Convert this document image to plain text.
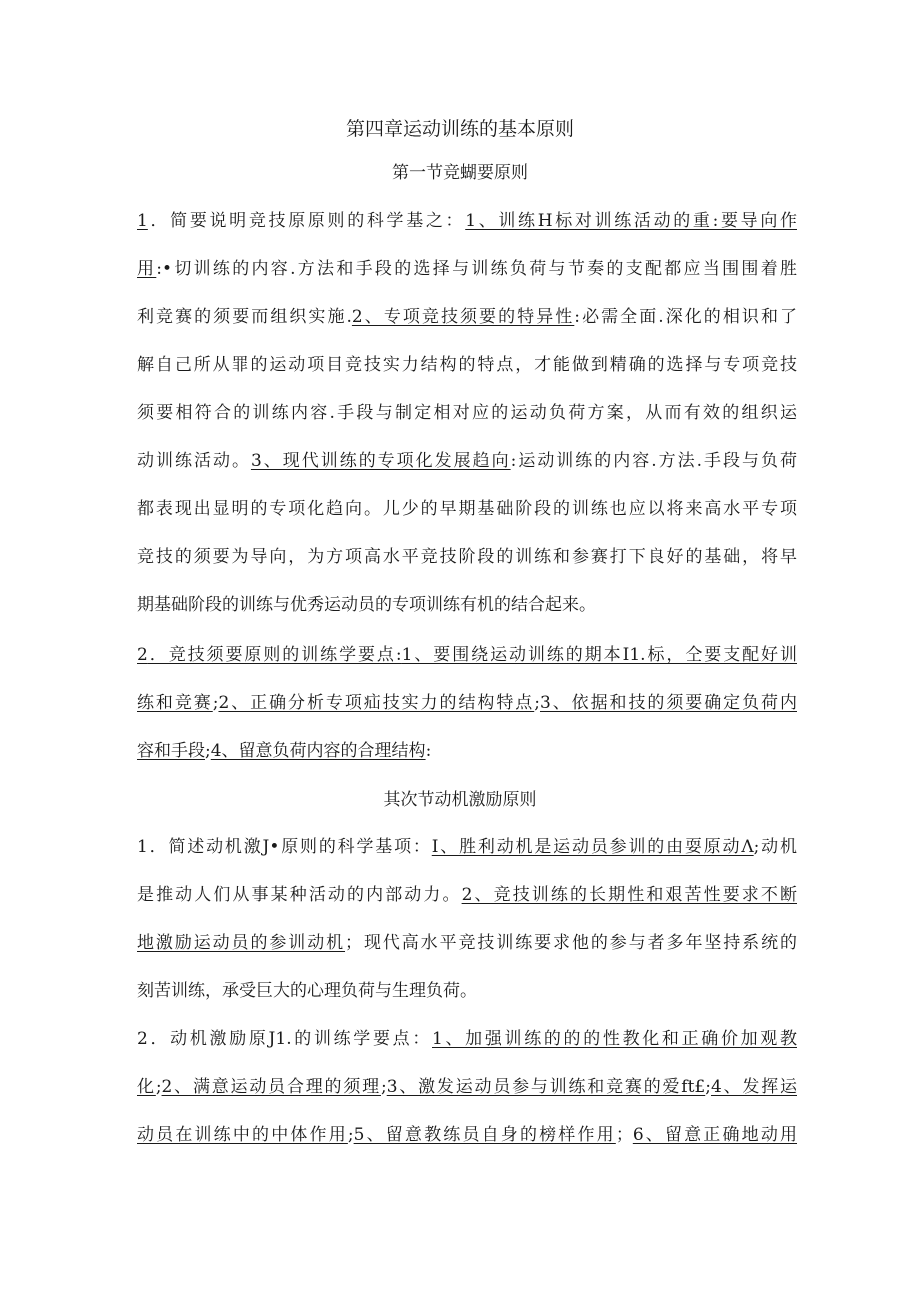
第四章运动训练的基本原则
第一节竞蝴要原则
1．简要说明竞技原原则的科学基之：1、训练H标对训练活动的重:要导向作
用:•切训练的内容.方法和手段的选择与训练负荷与节奏的支配都应当围围着胜
利竞赛的须要而组织实施.2、专项竞技须要的特异性:必需全面.深化的相识和了
解自己所从罪的运动项目竞技实力结构的特点，才能做到精确的选择与专项竞技
须要相符合的训练内容.手段与制定相对应的运动负荷方案，从而有效的组织运
动训练活动。3、现代训练的专项化发展趋向:运动训练的内容.方法.手段与负荷
都表现出显明的专项化趋向。儿少的早期基础阶段的训练也应以将来高水平专项
竞技的须要为导向，为方项高水平竞技阶段的训练和参赛打下良好的基础，将早
期基础阶段的训练与优秀运动员的专项训练有机的结合起来。
2．竞技须要原则的训练学要点:1、要围绕运动训练的期本I1.标，仝要支配好训
练和竞赛;2、正确分析专项疝技实力的结构特点;3、依据和技的须要确定负荷内
容和手段;4、留意负荷内容的合理结构:
其次节动机激励原则
1．简述动机激J•原则的科学基项：I、胜利动机是运动员参训的由耍原动Λ;动机
是推动人们从事某种活动的内部动力。2、竞技训练的长期性和艰苦性要求不断
地激励运动员的参训动机；现代高水平竞技训练要求他的参与者多年坚持系统的
刻苦训练，承受巨大的心理负荷与生理负荷。
2．动机激励原J1.的训练学要点：1、加强训练的的的性教化和正确价加观教
化;2、满意运动员合理的须理;3、激发运动员参与训练和竞赛的爱ft£;4、发挥运
动员在训练中的中体作用;5、留意教练员自身的榜样作用；6、留意正确地动用
